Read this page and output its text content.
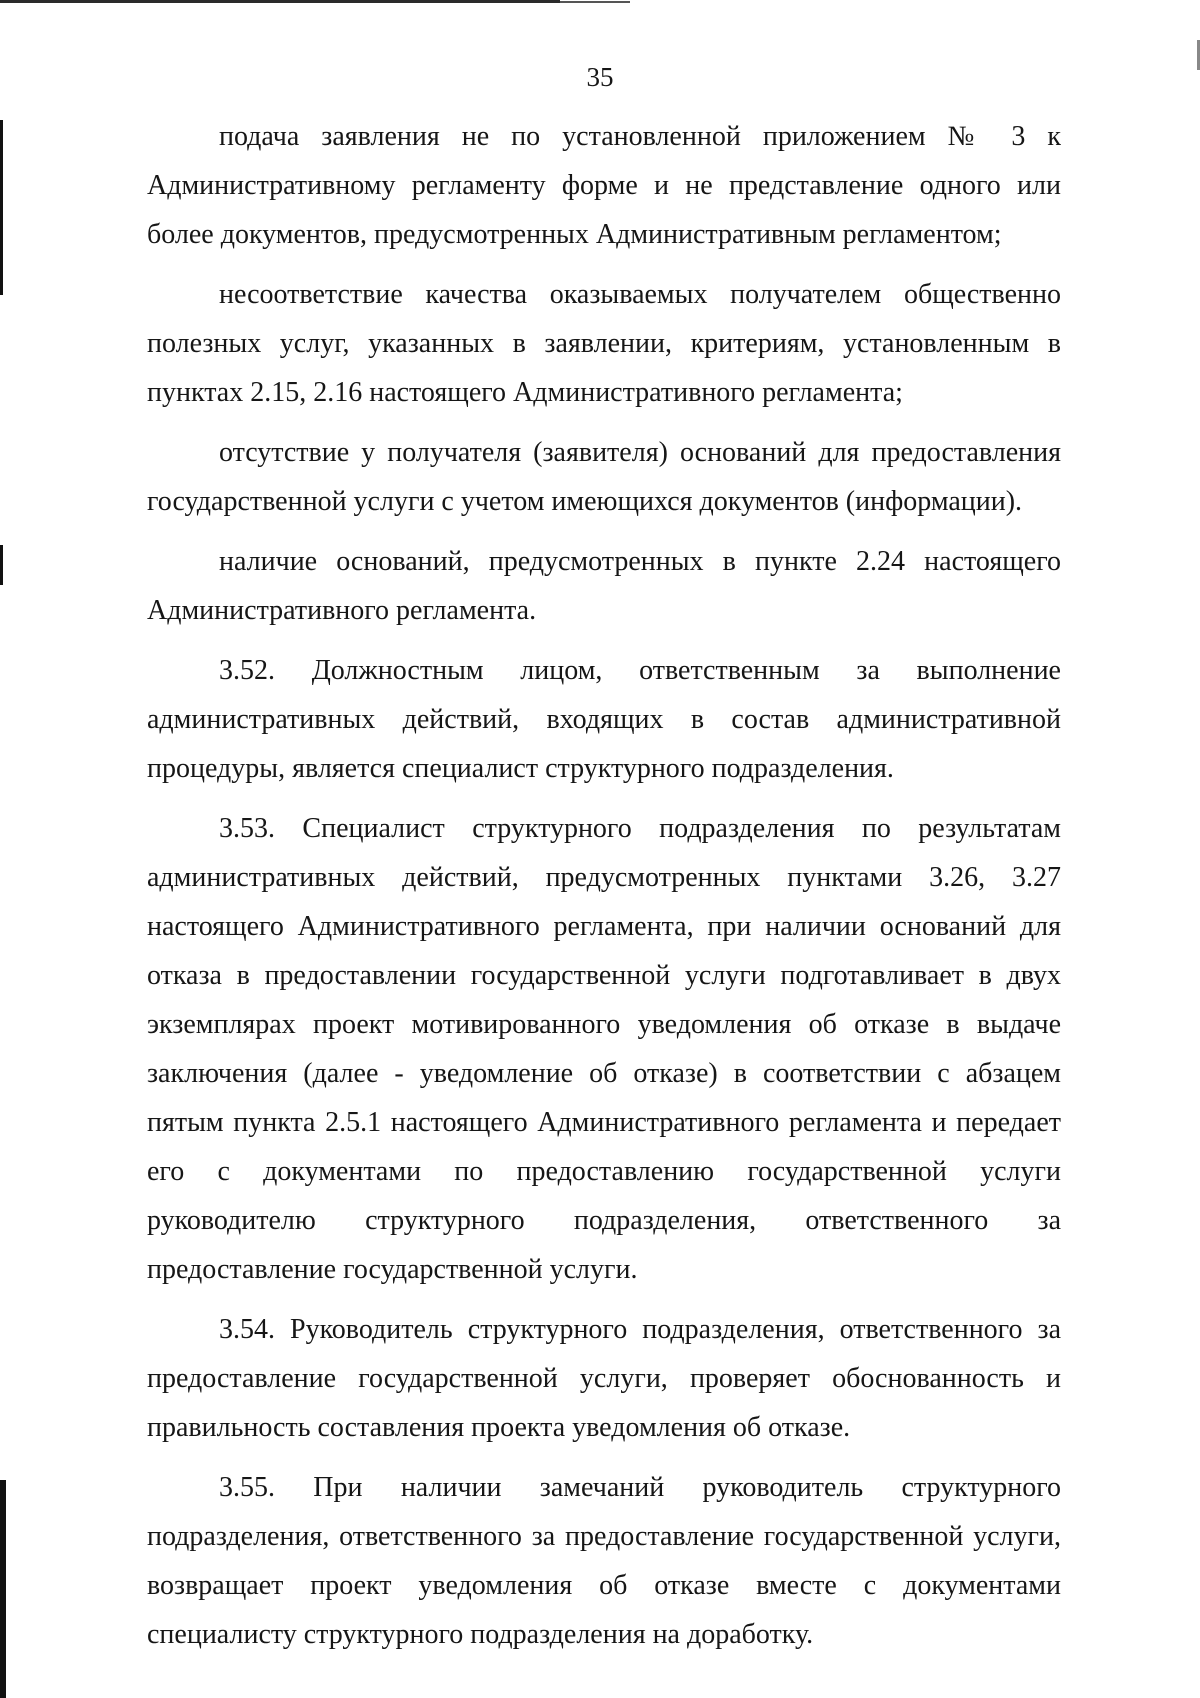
35

подача заявления не по установленной приложением № 3 к Административному регламенту форме и не представление одного или более документов, предусмотренных Административным регламентом;

несоответствие качества оказываемых получателем общественно полезных услуг, указанных в заявлении, критериям, установленным в пунктах 2.15, 2.16 настоящего Административного регламента;

отсутствие у получателя (заявителя) оснований для предоставления государственной услуги с учетом имеющихся документов (информации).

наличие оснований, предусмотренных в пункте 2.24 настоящего Административного регламента.

3.52. Должностным лицом, ответственным за выполнение административных действий, входящих в состав административной процедуры, является специалист структурного подразделения.

3.53. Специалист структурного подразделения по результатам административных действий, предусмотренных пунктами 3.26, 3.27 настоящего Административного регламента, при наличии оснований для отказа в предоставлении государственной услуги подготавливает в двух экземплярах проект мотивированного уведомления об отказе в выдаче заключения (далее - уведомление об отказе) в соответствии с абзацем пятым пункта 2.5.1 настоящего Административного регламента и передает его с документами по предоставлению государственной услуги руководителю структурного подразделения, ответственного за предоставление государственной услуги.

3.54. Руководитель структурного подразделения, ответственного за предоставление государственной услуги, проверяет обоснованность и правильность составления проекта уведомления об отказе.

3.55. При наличии замечаний руководитель структурного подразделения, ответственного за предоставление государственной услуги, возвращает проект уведомления об отказе вместе с документами специалисту структурного подразделения на доработку.
